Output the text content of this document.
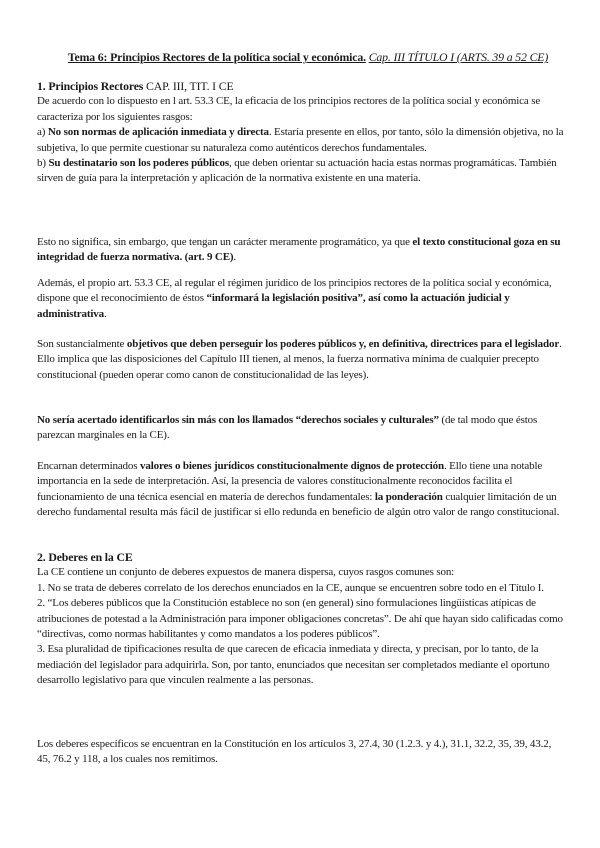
Tema 6: Principios Rectores de la política social y económica. Cap. III TÍTULO I (ARTS. 39 a 52 CE)
1. Principios Rectores CAP. III, TIT. I CE
De acuerdo con lo dispuesto en l art. 53.3 CE, la eficacia de los principios rectores de la política social y económica se caracteriza por los siguientes rasgos:
a) No son normas de aplicación inmediata y directa. Estaría presente en ellos, por tanto, sólo la dimensión objetiva, no la subjetiva, lo que permite cuestionar su naturaleza como auténticos derechos fundamentales.
b) Su destinatario son los poderes públicos, que deben orientar su actuación hacia estas normas programáticas. También sirven de guía para la interpretación y aplicación de la normativa existente en una materia.

Esto no significa, sin embargo, que tengan un carácter meramente programático, ya que el texto constitucional goza en su integridad de fuerza normativa. (art. 9 CE).

Además, el propio art. 53.3 CE, al regular el régimen jurídico de los principios rectores de la política social y económica, dispone que el reconocimiento de éstos “informará la legislación positiva”, así como la actuación judicial y administrativa.

Son sustancialmente objetivos que deben perseguir los poderes públicos y, en definitiva, directrices para el legislador. Ello implica que las disposiciones del Capítulo III tienen, al menos, la fuerza normativa mínima de cualquier precepto constitucional (pueden operar como canon de constitucionalidad de las leyes).

No sería acertado identificarlos sin más con los llamados “derechos sociales y culturales” (de tal modo que éstos parezcan marginales en la CE).

Encarnan determinados valores o bienes jurídicos constitucionalmente dignos de protección. Ello tiene una notable importancia en la sede de interpretación. Así, la presencia de valores constitucionalmente reconocidos facilita el funcionamiento de una técnica esencial en materia de derechos fundamentales: la ponderación cualquier limitación de un derecho fundamental resulta más fácil de justificar si ello redunda en beneficio de algún otro valor de rango constitucional.

2. Deberes en la CE
La CE contiene un conjunto de deberes expuestos de manera dispersa, cuyos rasgos comunes son:
1. No se trata de deberes correlato de los derechos enunciados en la CE, aunque se encuentren sobre todo en el Título I.
2. “Los deberes públicos que la Constitución establece no son (en general) sino formulaciones lingüísticas atípicas de atribuciones de potestad a la Administración para imponer obligaciones concretas”. De ahí que hayan sido calificadas como “directivas, como normas habilitantes y como mandatos a los poderes públicos”.
3. Esa pluralidad de tipificaciones resulta de que carecen de eficacia inmediata y directa, y precisan, por lo tanto, de la mediación del legislador para adquirirla. Son, por tanto, enunciados que necesitan ser completados mediante el oportuno desarrollo legislativo para que vinculen realmente a las personas.

Los deberes específicos se encuentran en la Constitución en los artículos 3, 27.4, 30 (1.2.3. y 4.), 31.1, 32.2, 35, 39, 43.2, 45, 76.2 y 118, a los cuales nos remitimos.
